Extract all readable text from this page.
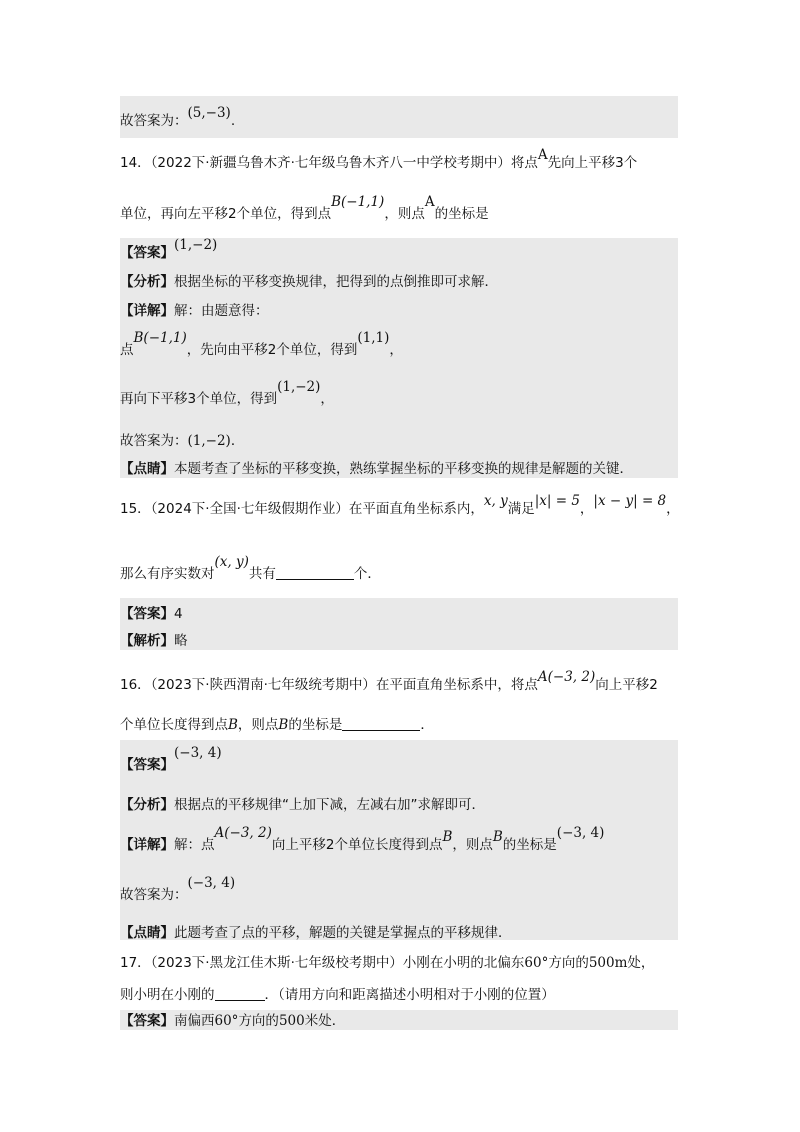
故答案为：(5,−3).
14．（2022下·新疆乌鲁木齐·七年级乌鲁木齐八一中学校考期中）将点A先向上平移3个
单位，再向左平移2个单位，得到点B(−1,1)，则点A的坐标是
【答案】(1,−2)
【分析】根据坐标的平移变换规律，把得到的点倒推即可求解．
【详解】解：由题意得：
点B(−1,1)，先向由平移2个单位，得到(1,1)，
再向下平移3个单位，得到(1,−2)，
故答案为：(1,−2)．
【点睛】本题考查了坐标的平移变换，熟练掌握坐标的平移变换的规律是解题的关键．
15．（2024下·全国·七年级假期作业）在平面直角坐标系内，x, y满足|x| = 5，|x − y| = 8，
那么有序实数对(x, y)共有	个．
【答案】4
【解析】略
16．（2023下·陕西渭南·七年级统考期中）在平面直角坐标系中，将点A(−3, 2)向上平移2
个单位长度得到点B，则点B的坐标是	．
【答案】(−3, 4)
【分析】根据点的平移规律“上加下减，左减右加”求解即可．
【详解】解：点A(−3, 2)向上平移2个单位长度得到点B，则点B的坐标是(−3, 4)
故答案为：(−3, 4)
【点睛】此题考查了点的平移，解题的关键是掌握点的平移规律．
17．（2023下·黑龙江佳木斯·七年级校考期中）小刚在小明的北偏东60°方向的500m处，
则小明在小刚的	．（请用方向和距离描述小明相对于小刚的位置）
【答案】南偏西60°方向的500米处．
